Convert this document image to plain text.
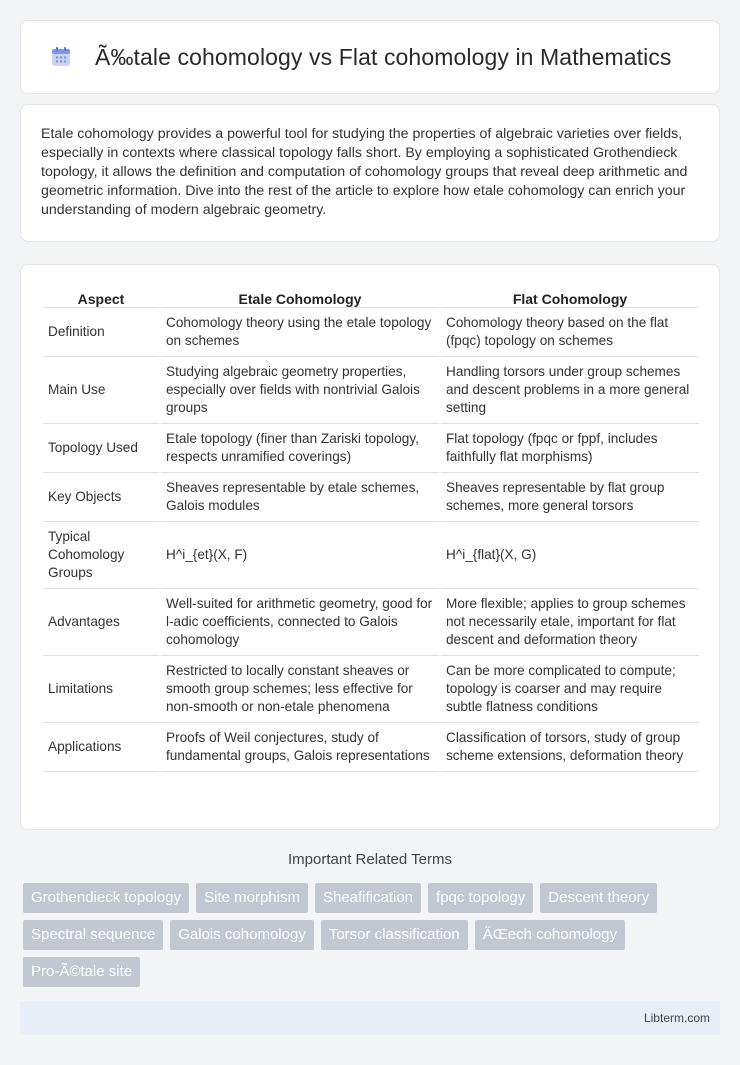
Ã‰tale cohomology vs Flat cohomology in Mathematics

Etale cohomology provides a powerful tool for studying the properties of algebraic varieties over fields, especially in contexts where classical topology falls short. By employing a sophisticated Grothendieck topology, it allows the definition and computation of cohomology groups that reveal deep arithmetic and geometric information. Dive into the rest of the article to explore how etale cohomology can enrich your understanding of modern algebraic geometry.

Aspect	Etale Cohomology	Flat Cohomology
Definition	Cohomology theory using the etale topology on schemes	Cohomology theory based on the flat (fpqc) topology on schemes
Main Use	Studying algebraic geometry properties, especially over fields with nontrivial Galois groups	Handling torsors under group schemes and descent problems in a more general setting
Topology Used	Etale topology (finer than Zariski topology, respects unramified coverings)	Flat topology (fpqc or fppf, includes faithfully flat morphisms)
Key Objects	Sheaves representable by etale schemes, Galois modules	Sheaves representable by flat group schemes, more general torsors
Typical Cohomology Groups	H^i_{et}(X, F)	H^i_{flat}(X, G)
Advantages	Well-suited for arithmetic geometry, good for l-adic coefficients, connected to Galois cohomology	More flexible; applies to group schemes not necessarily etale, important for flat descent and deformation theory
Limitations	Restricted to locally constant sheaves or smooth group schemes; less effective for non-smooth or non-etale phenomena	Can be more complicated to compute; topology is coarser and may require subtle flatness conditions
Applications	Proofs of Weil conjectures, study of fundamental groups, Galois representations	Classification of torsors, study of group scheme extensions, deformation theory
Important Related Terms
Grothendieck topology	Site morphism	Sheafification	fpqc topology	Descent theory
Spectral sequence	Galois cohomology	Torsor classification	ÄŒech cohomology
Pro-Ã©tale site
Libterm.com
